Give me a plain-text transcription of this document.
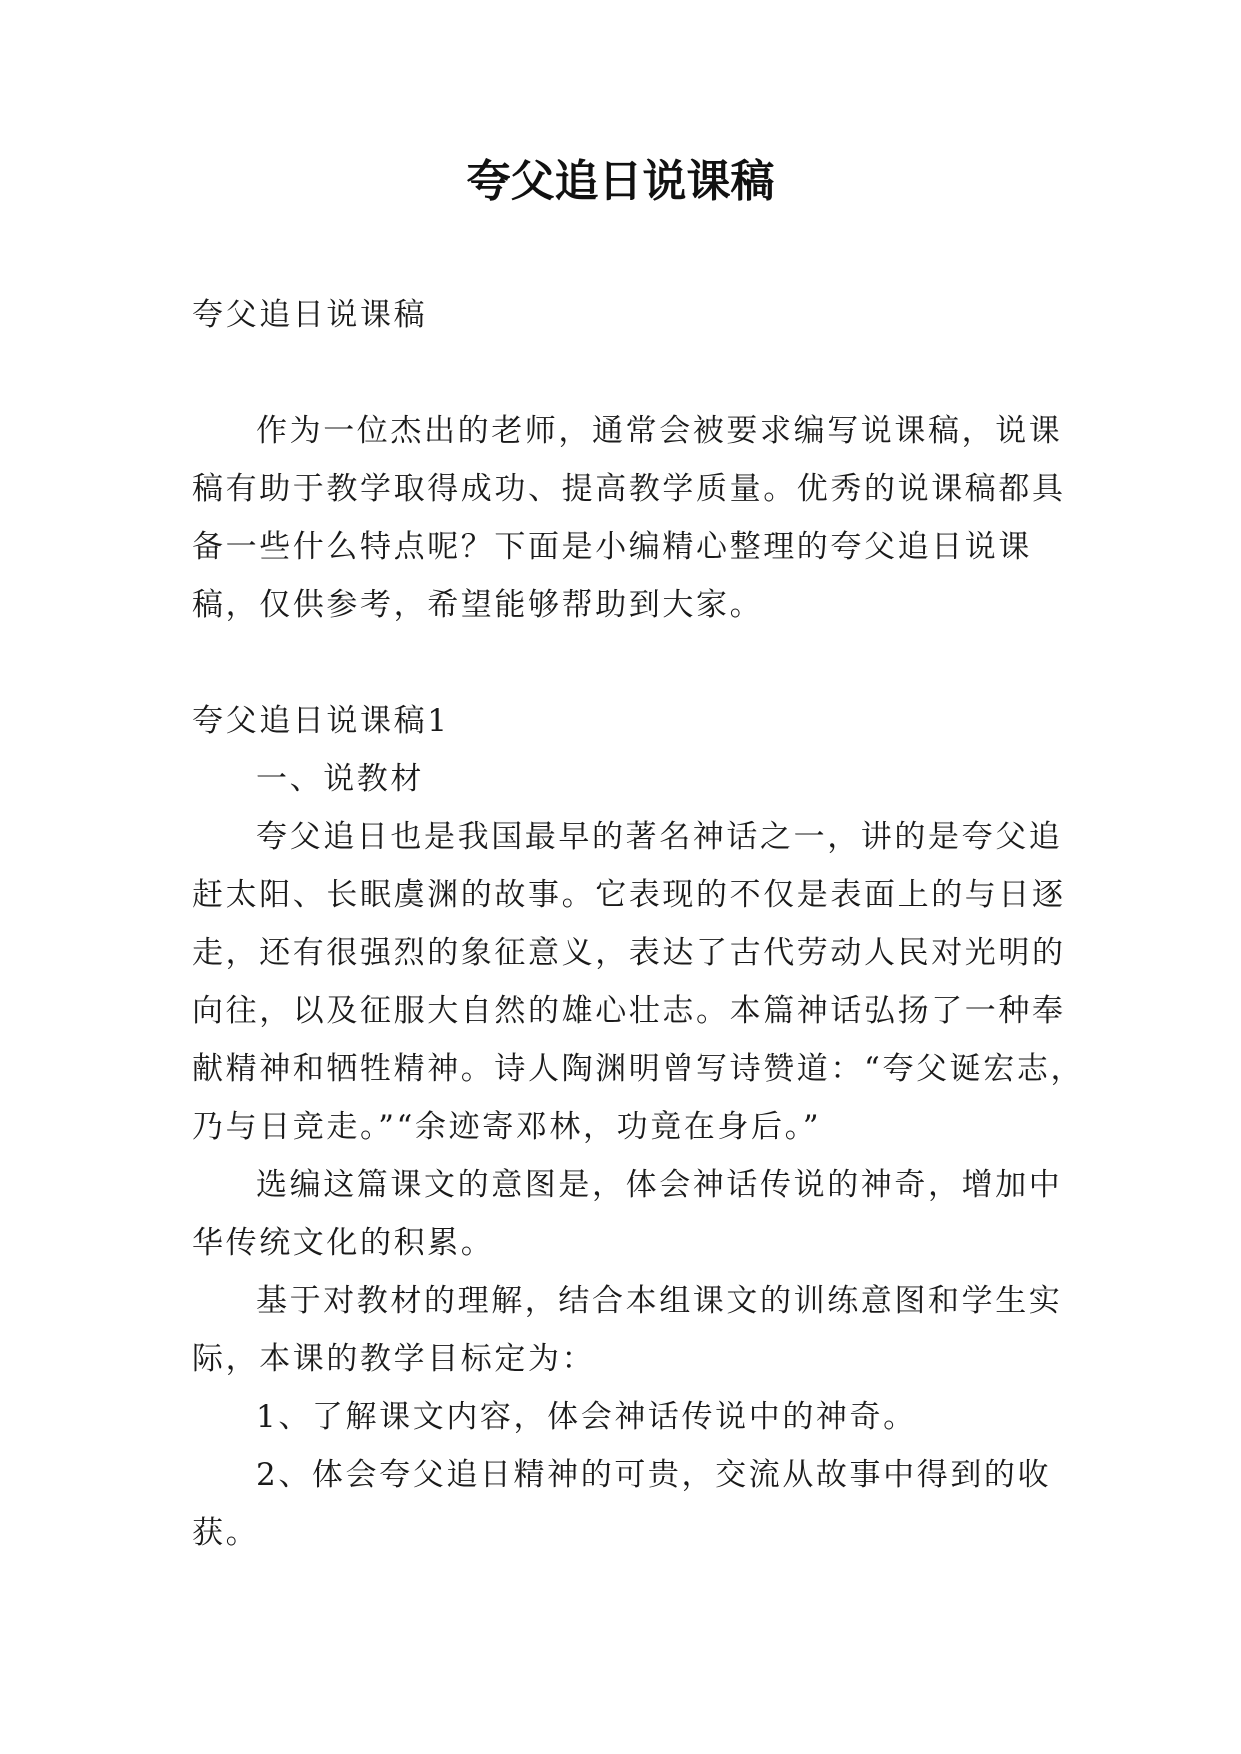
夸父追日说课稿

夸父追日说课稿

作为一位杰出的老师，通常会被要求编写说课稿，说课

稿有助于教学取得成功、提高教学质量。优秀的说课稿都具

备一些什么特点呢？下面是小编精心整理的夸父追日说课

稿，仅供参考，希望能够帮助到大家。

夸父追日说课稿1

一、说教材

夸父追日也是我国最早的著名神话之一，讲的是夸父追

赶太阳、长眠虞渊的故事。它表现的不仅是表面上的与日逐

走，还有很强烈的象征意义，表达了古代劳动人民对光明的

向往，以及征服大自然的雄心壮志。本篇神话弘扬了一种奉

献精神和牺牲精神。诗人陶渊明曾写诗赞道：“夸父诞宏志，

乃与日竞走。”“余迹寄邓林，功竟在身后。”

选编这篇课文的意图是，体会神话传说的神奇，增加中

华传统文化的积累。

基于对教材的理解，结合本组课文的训练意图和学生实

际，本课的教学目标定为：

1、了解课文内容，体会神话传说中的神奇。

2、体会夸父追日精神的可贵，交流从故事中得到的收

获。
